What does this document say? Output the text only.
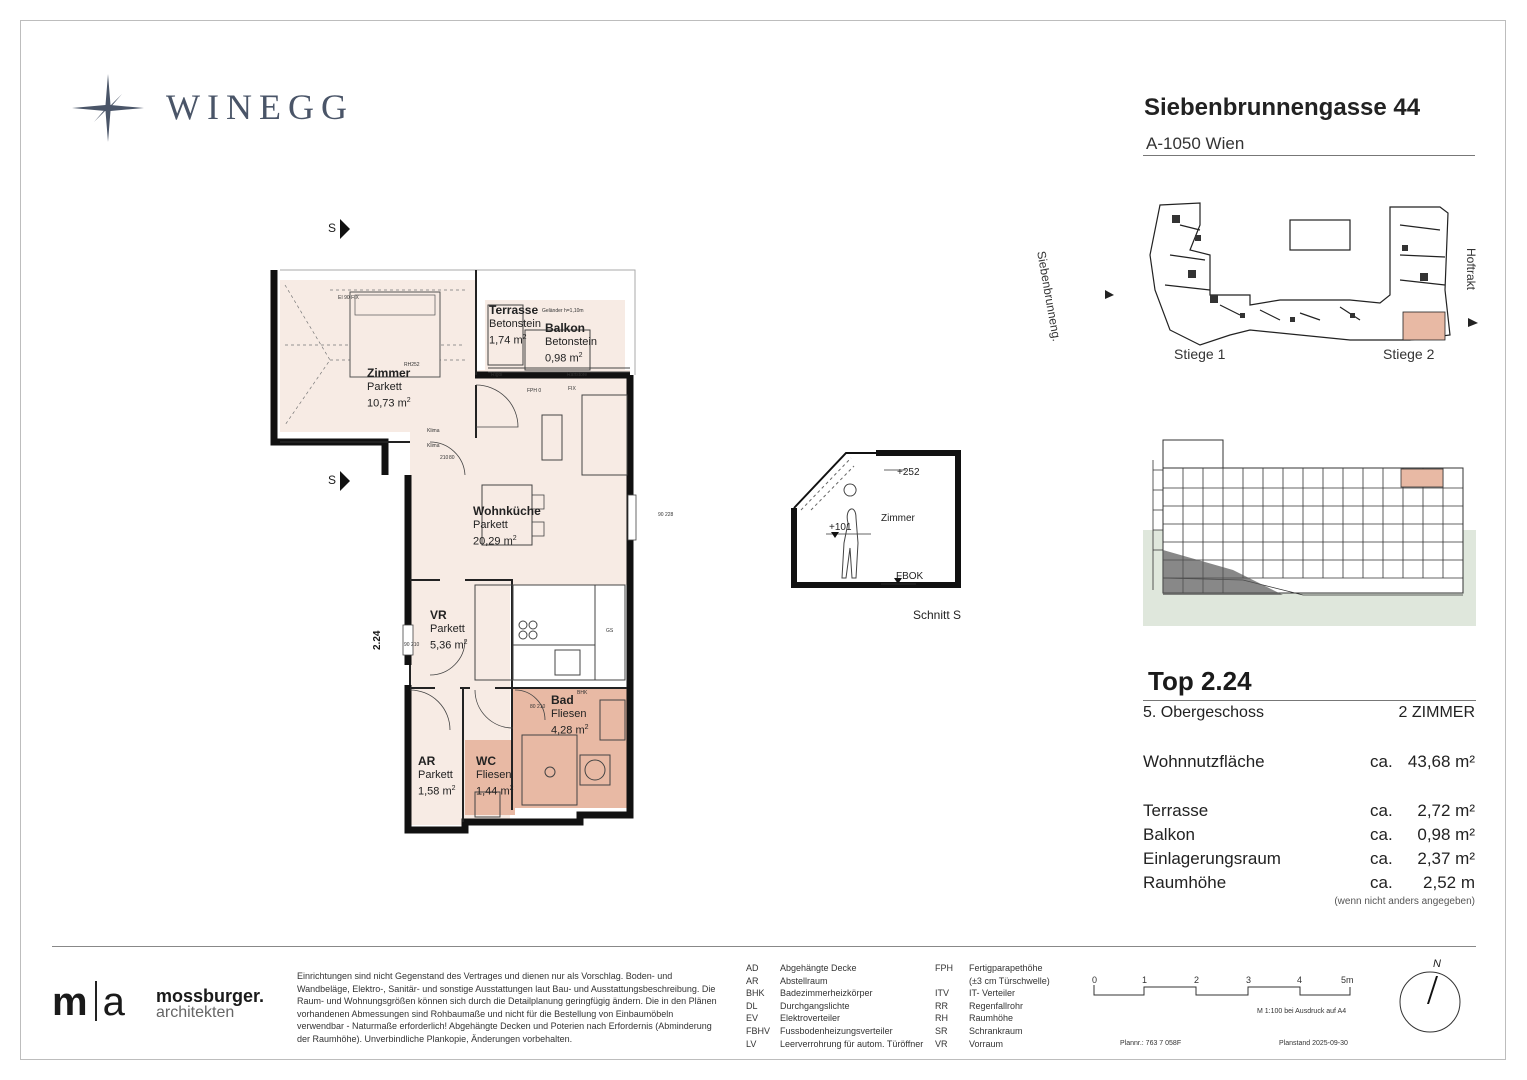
WINEGG	Siebenbrunnengasse 44
A-1050 Wien
Siebenbrunneng.	Hoftrakt
Stiege 1	Stiege 2
Top 2.24
5. Obergeschoss	2 ZIMMER
Wohnnutzfläche	ca. 43,68 m²
Terrasse	ca. 2,72 m²
Balkon	ca. 0,98 m²
Einlagerungsraum	ca. 2,37 m²
Raumhöhe	ca. 2,52 m
(wenn nicht anders angegeben)
S
S
2.24
Zimmer
Parkett
10,73 $m^2$
Terrasse
Betonstein
1,74 $m^2$
Balkon
Betonstein
0,98 $m^2$
Wohnküche
Parkett
20,29 $m^2$
VR
Parkett
5,36 $m^2$
Bad
Fliesen
4,28 $m^2$
AR
Parkett
1,58 $m^2$
WC
Fliesen
1,44 $m^2$
Geländer h=1,10m
EI 90 FIX
FPH 0	FIX
Klima
Klima
Rigol	Raffstore
RH252
BHK
GS
80 210
90 210
90 228
80
210
+252
+101
Zimmer
FBOK
Schnitt S
m a mossburger.
architekten
Einrichtungen sind nicht Gegenstand des Vertrages und dienen nur als Vorschlag. Boden- und Wandbeläge, Elektro-, Sanitär- und sonstige Ausstattungen laut Bau- und Ausstattungsbeschreibung. Die Raum- und Wohnungsgrößen können sich durch die Detailplanung geringfügig ändern. Die in den Plänen vorhandenen Abmessungen sind Rohbaumaße und nicht für die Bestellung von Einbaumöbeln verwendbar - Naturmaße erforderlich! Abgehängte Decken und Poterien nach Erfordernis (Abminderung der Raumhöhe). Unverbindliche Plankopie, Änderungen vorbehalten.
AD Abgehängte Decke
AR Abstellraum
BHK Badezimmerheizkörper
DL Durchgangslichte
EV Elektroverteiler
FBHV Fussbodenheizungsverteiler
LV	Leerverrohrung für autom. Türöffner
FPH Fertigparapethöhe
(±3 cm Türschwelle)
ITV IT- Verteiler
RR Regenfallrohr
RH Raumhöhe
SR Schrankraum
VR Vorraum
0	1	2	3	4	5m
M 1:100 bei Ausdruck auf A4
Plannr.: 763 7 058F	Planstand 2025-09-30
N
